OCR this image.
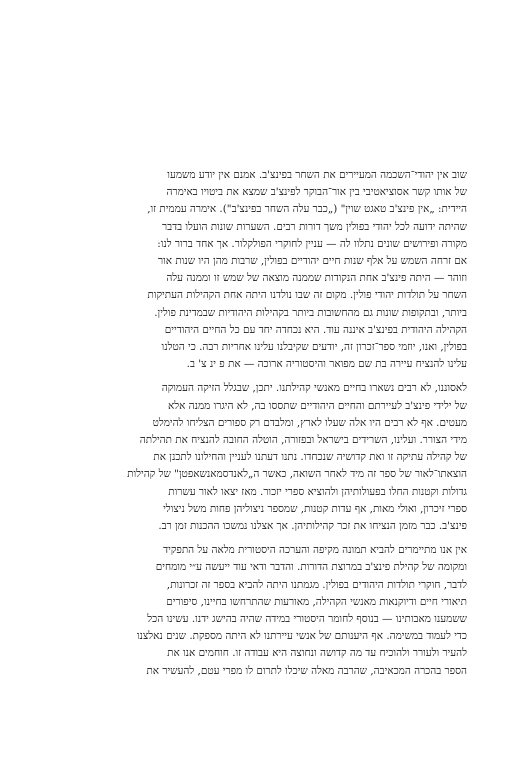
שוב אין יהודי־השכמה המעיירים את השחר בפינצ'ב. אמנם אין יודע משמעו
של אותו קשר אסוציאטיבי בין אור־הבוקר לפינצ'ב שמצא את ביטויו באימרה
היידית: „אין פינצ'ב טאגט שוין" („כבר עלה השחר בפינצ'ב"). אימרה עממית זו,
שהיתה ידועה לכל יהודי בפולין משך דורות רבים. השערות שונות הועלו בדבר
מקורה ופירושים שונים נתלוו לה — עניין לחוקרי הפולקלור. אך אחד ברור לנו:
אם זרחה השמש על אלף שנות חיים יהודיים בפולין, שרבות מהן היו שנות אור
וזוהר — היתה פינצ'ב אחת הנקודות שממנה מוצאה של שמש זו וממנה עלה
השחר על תולדות יהודי פולין. מקום זה שבו נולדנו היתה אחת הקהילות העתיקות
ביותר, ובתקופות שונות גם מהחשובות ביותר בקהילות היהודיות שבמדינת פולין.
הקהילה היהודית בפינצ'ב איננה עוד. היא נכחדה יחד עם כל החיים היהודיים
בפולין, ואנו, יוזמי ספר־זכרון זה, יודעים שקיבלנו עלינו אחריות רבה. כי הטלנו
עלינו להנציח עיירה בת שם מפואר והיסטוריה ארוכה — את פ ינ צ' ב.

לאסוננו, לא רבים נשארו בחיים מאנשי קהילתנו. יתכן, שבגלל הזיקה העמוקה
של ילידי פינצ'ב לעיירתם והחיים היהודיים שתססו בה, לא היגרו ממנה אלא
מעטים. אף לא רבים היו אלה שעלו לארץ, ומלבדם רק ספורים הצליחו להימלט
מידי הצורר. ועלינו, השרידים בישראל ובפזורה, הוטלה החובה להנציח את תהילתה
של קהילה עתיקה זו ואת קדושיה שנכחדו. נתנו דעתנו לעניין והחילונו לתכנן את
הוצאתו־לאור של ספר זה מיד לאחר השואה, כאשר ה„לאנדסמאנשאפטן" של קהילות
גדולות וקטנות החלו בפעולותיהן ולהוציא ספרי יזכור. מאז יצאו לאור עשרות
ספרי זיכרון, ואולי מאות, אף עדות קטנות, שמספר ניצוליהן פחות משל ניצולי
פינצ'ב. כבר מזמן הנציחו את זכר קהילותיהן. אך אצלנו נמשכו ההכנות זמן רב.

אין אנו מתיימרים להביא תמונה מקיפה והערכה היסטורית מלאה על התפקיד
ומקומה של קהילת פינצ'ב במרוצת הדורות. והדבר ודאי עוד ייעשה ע״י מומחים
לדבר, חוקרי תולדות היהודים בפולין. מגמתנו היתה להביא בספר זה זכרונות,
תיאורי חיים ודיוקנאות מאנשי הקהילה, מאורעות שהתרחשו בחיינו, סיפורים
ששמענו מאבותינו — בנוסף לחומר היסטורי במידה שהיה בהישג ידנו. עשינו הכל
כדי לעמוד במשימה. אף היענותם של אנשי עיירתנו לא היתה מספקת. שנים נאלצנו
להעיר ולעורר ולהוכיח עד מה קדושה ונחוצה היא עבודה זו. חוחמים אנו את
הספר בהכרה המכאיבה, שהרבה מאלה שיכלו לתרום לו מפרי עטם, להעשיר את
